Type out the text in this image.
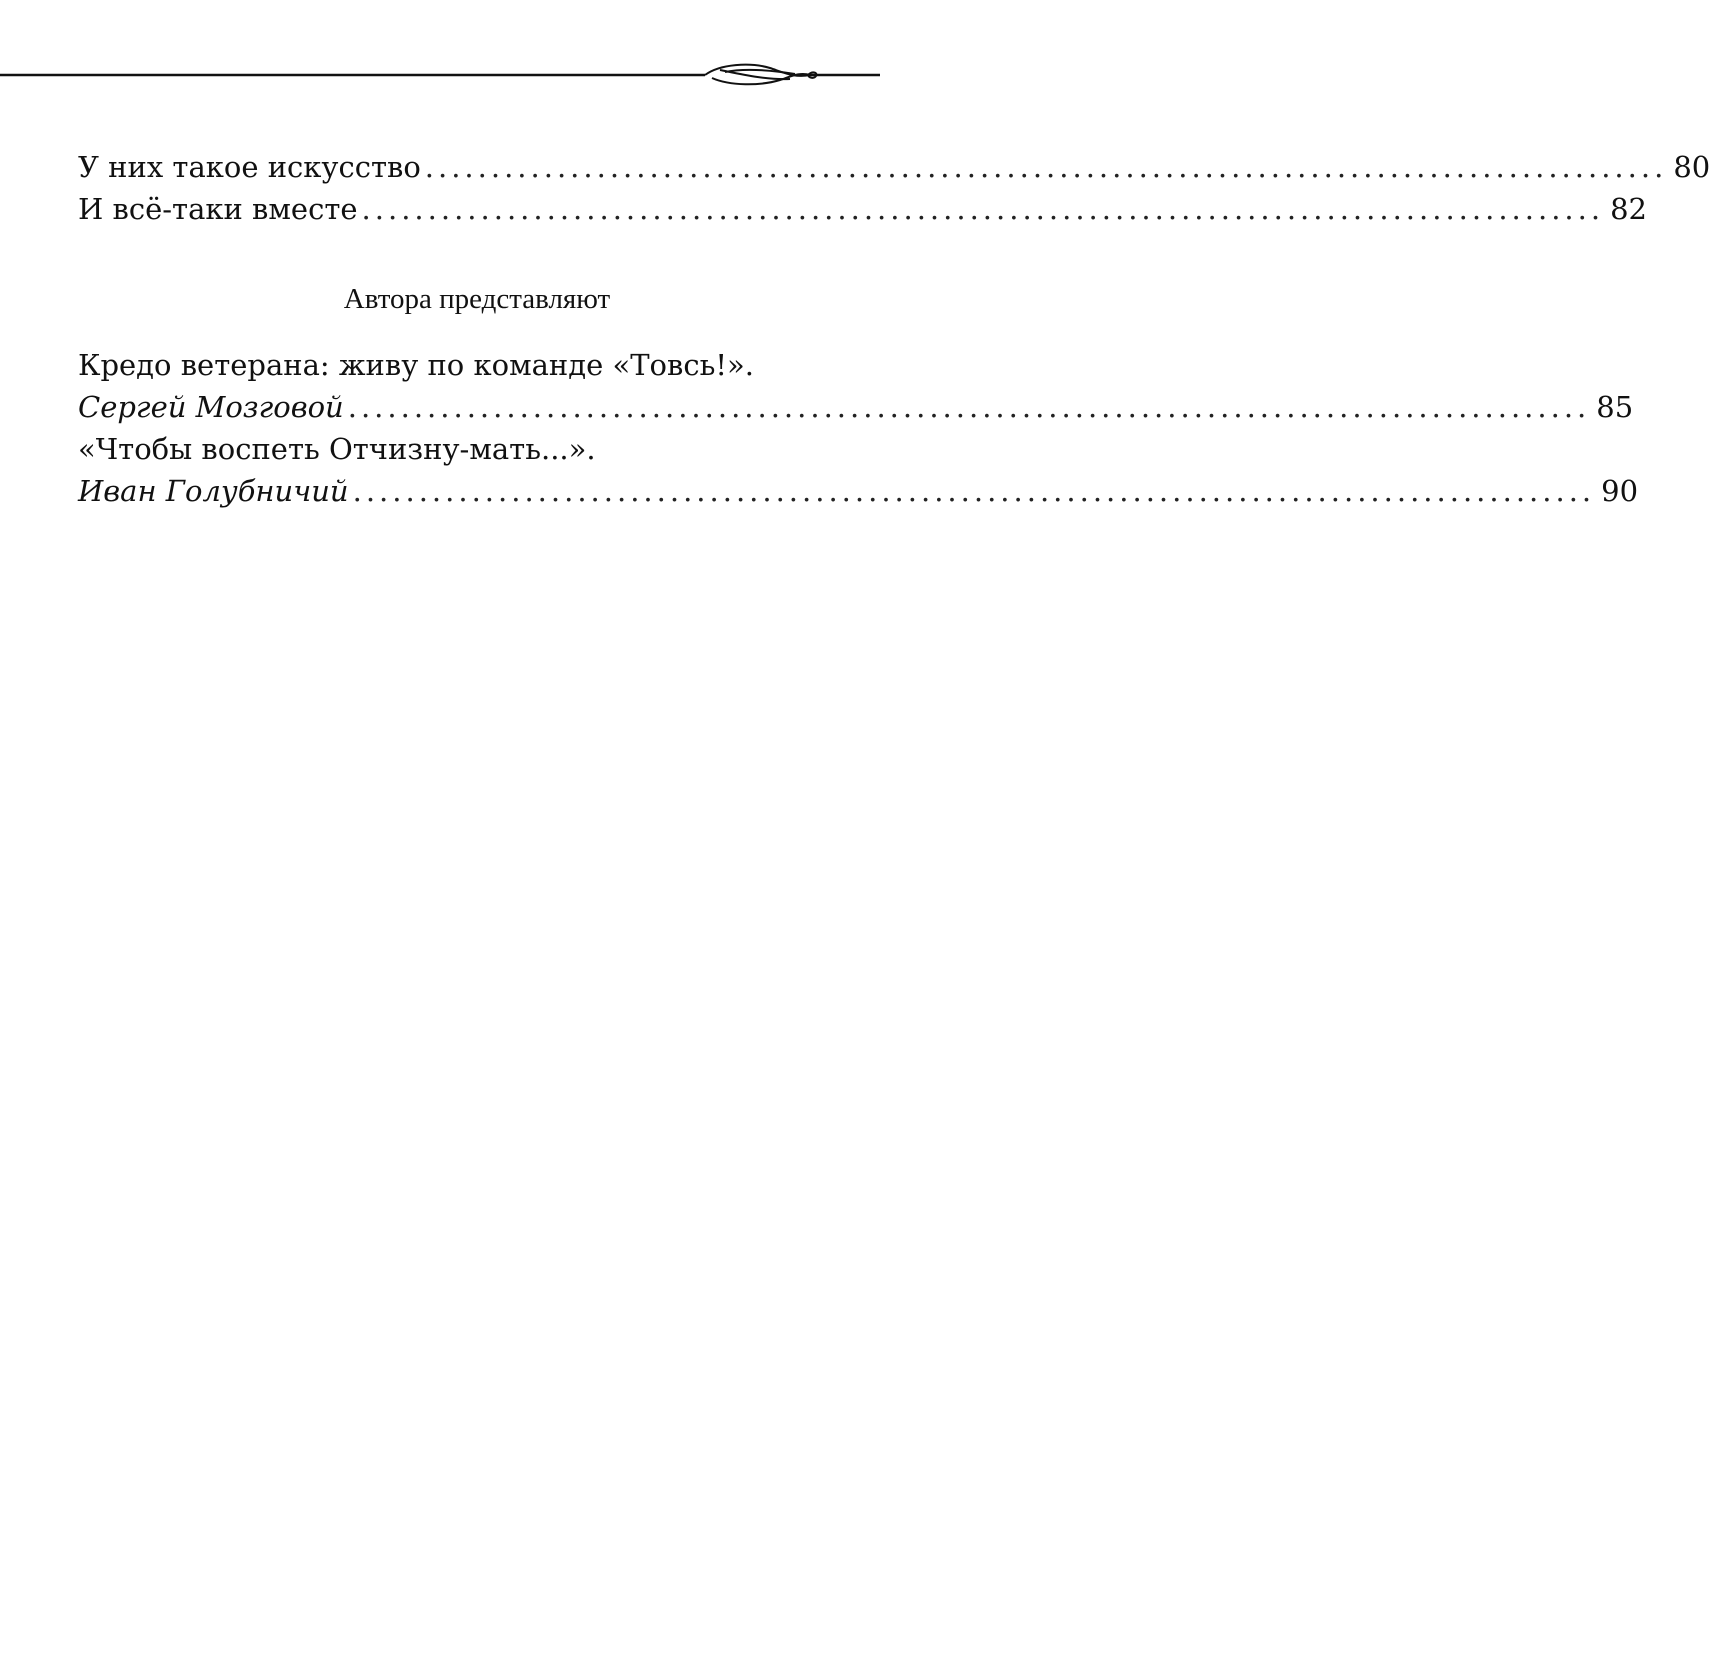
У них такое искусство .............................................................................................. 80
И всё-таки вместе .............................................................................................. 82
Автора представляют
Кредо ветерана: живу по команде «Товсь!».
Сергей Мозговой .............................................................................................. 85
«Чтобы воспеть Отчизну-мать...».
Иван Голубничий .............................................................................................. 90
